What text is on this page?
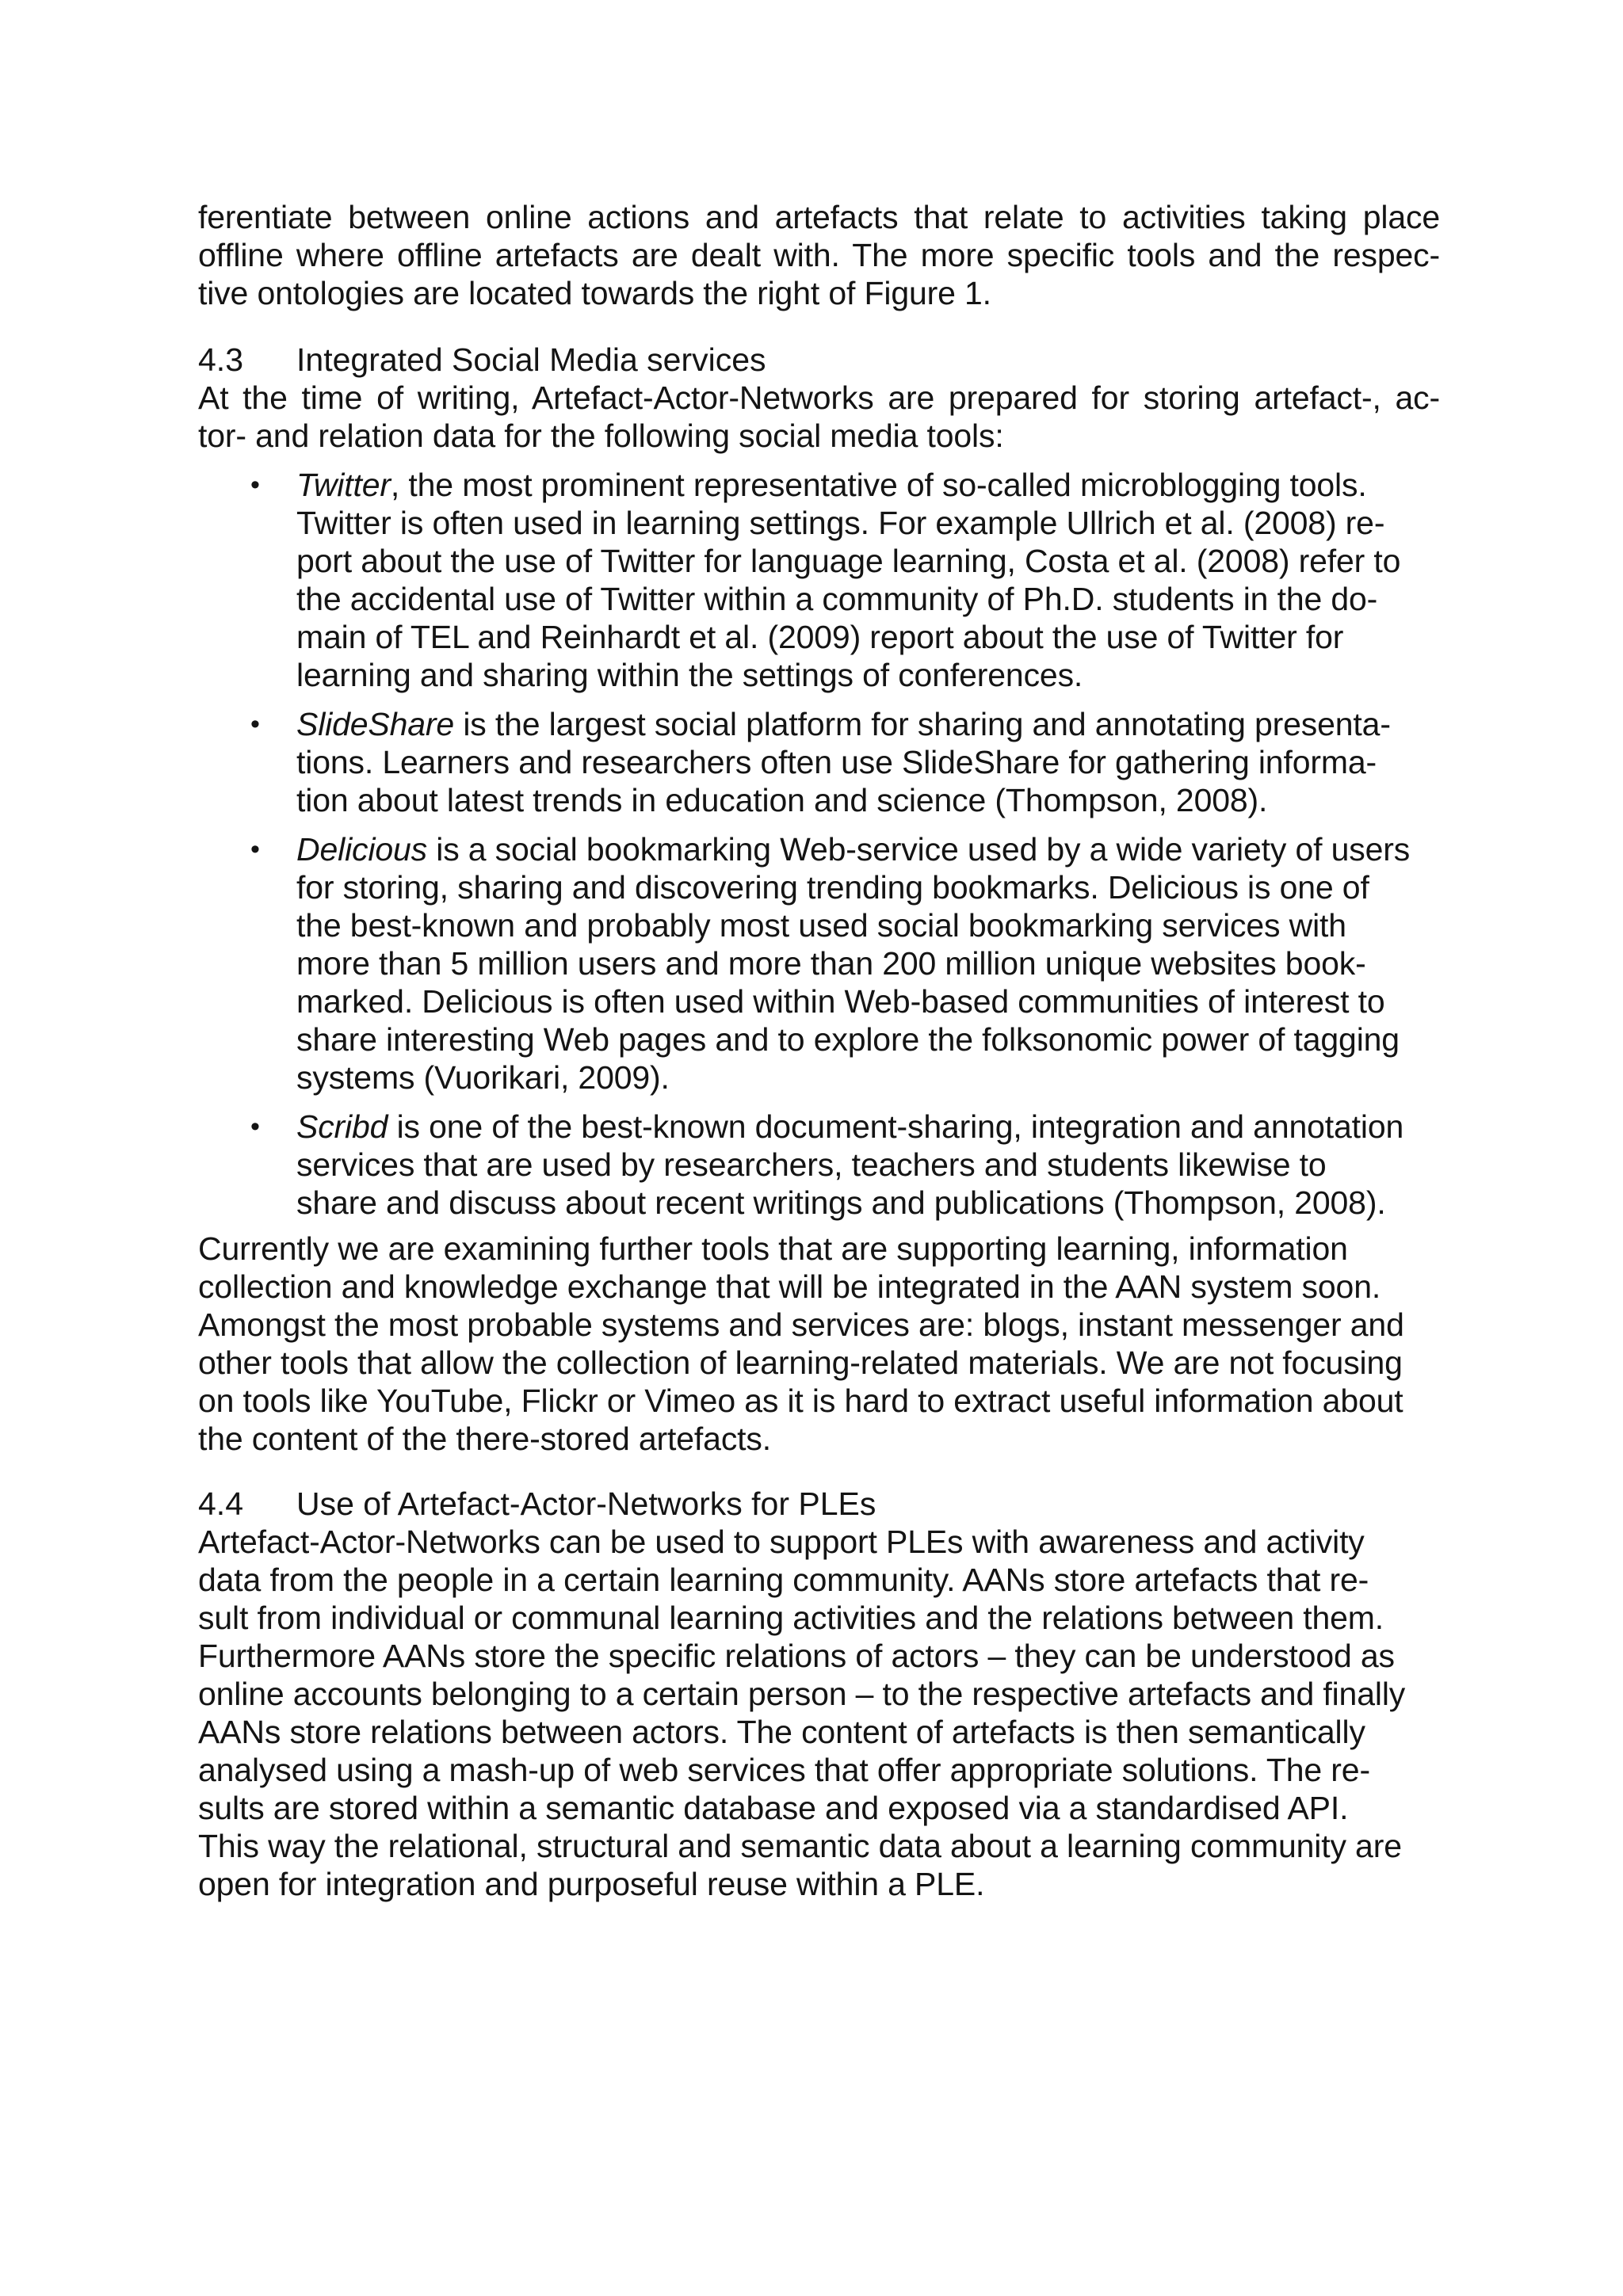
ferentiate between online actions and artefacts that relate to activities taking place
offline where offline artefacts are dealt with. The more specific tools and the respec-
tive ontologies are located towards the right of Figure 1.
4.3 Integrated Social Media services
At the time of writing, Artefact-Actor-Networks are prepared for storing artefact-, ac-
tor- and relation data for the following social media tools:
• Twitter, the most prominent representative of so-called microblogging tools.
Twitter is often used in learning settings. For example Ullrich et al. (2008) re-
port about the use of Twitter for language learning, Costa et al. (2008) refer to
the accidental use of Twitter within a community of Ph.D. students in the do-
main of TEL and Reinhardt et al. (2009) report about the use of Twitter for
learning and sharing within the settings of conferences.
• SlideShare is the largest social platform for sharing and annotating presenta-
tions. Learners and researchers often use SlideShare for gathering informa-
tion about latest trends in education and science (Thompson, 2008).
• Delicious is a social bookmarking Web-service used by a wide variety of users
for storing, sharing and discovering trending bookmarks. Delicious is one of
the best-known and probably most used social bookmarking services with
more than 5 million users and more than 200 million unique websites book-
marked. Delicious is often used within Web-based communities of interest to
share interesting Web pages and to explore the folksonomic power of tagging
systems (Vuorikari, 2009).
• Scribd is one of the best-known document-sharing, integration and annotation
services that are used by researchers, teachers and students likewise to
share and discuss about recent writings and publications (Thompson, 2008).
Currently we are examining further tools that are supporting learning, information
collection and knowledge exchange that will be integrated in the AAN system soon.
Amongst the most probable systems and services are: blogs, instant messenger and
other tools that allow the collection of learning-related materials. We are not focusing
on tools like YouTube, Flickr or Vimeo as it is hard to extract useful information about
the content of the there-stored artefacts.
4.4 Use of Artefact-Actor-Networks for PLEs
Artefact-Actor-Networks can be used to support PLEs with awareness and activity
data from the people in a certain learning community. AANs store artefacts that re-
sult from individual or communal learning activities and the relations between them.
Furthermore AANs store the specific relations of actors – they can be understood as
online accounts belonging to a certain person – to the respective artefacts and finally
AANs store relations between actors. The content of artefacts is then semantically
analysed using a mash-up of web services that offer appropriate solutions. The re-
sults are stored within a semantic database and exposed via a standardised API.
This way the relational, structural and semantic data about a learning community are
open for integration and purposeful reuse within a PLE.
